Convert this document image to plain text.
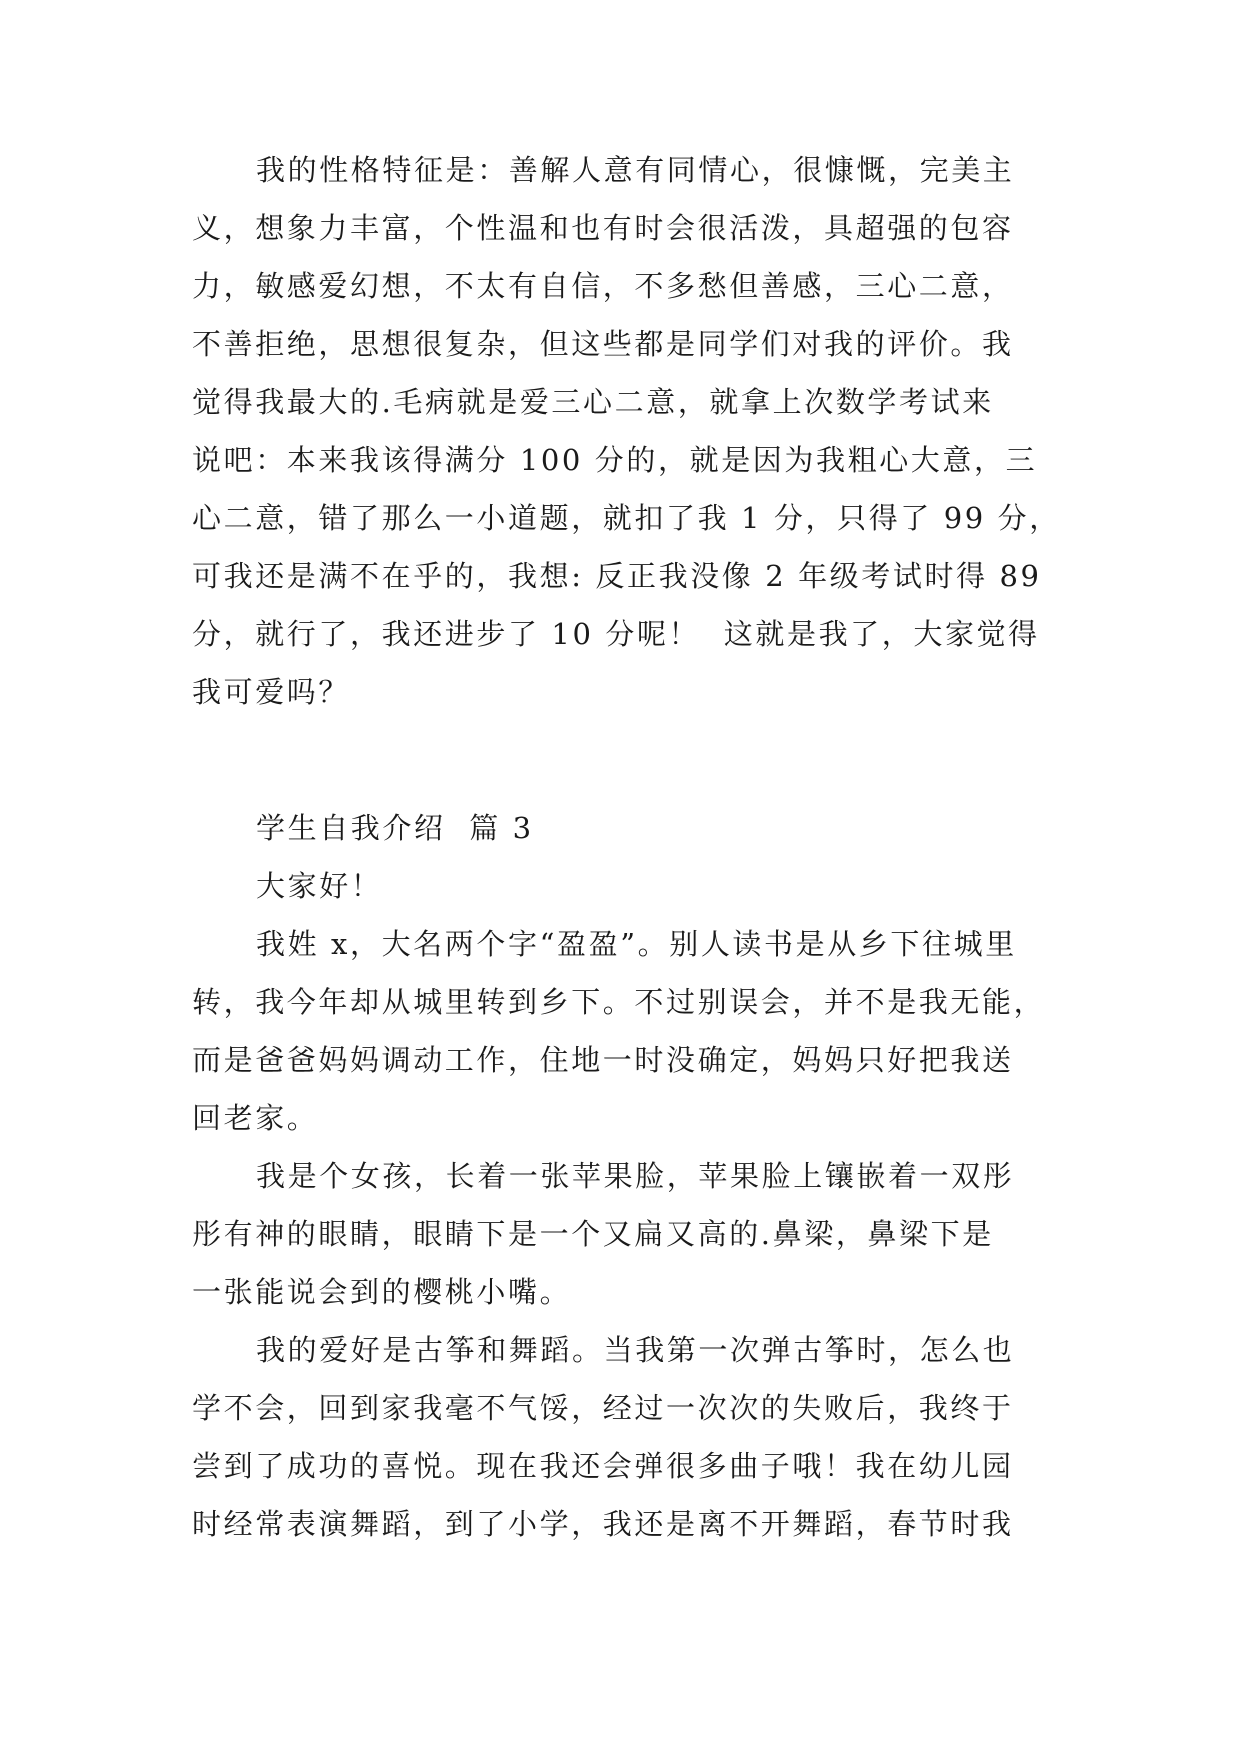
我的性格特征是：善解人意有同情心，很慷慨，完美主
义，想象力丰富，个性温和也有时会很活泼，具超强的包容
力，敏感爱幻想，不太有自信，不多愁但善感，三心二意，
不善拒绝，思想很复杂，但这些都是同学们对我的评价。我
觉得我最大的.毛病就是爱三心二意，就拿上次数学考试来
说吧：本来我该得满分 100 分的，就是因为我粗心大意，三
心二意，错了那么一小道题，就扣了我 1 分，只得了 99 分，
可我还是满不在乎的，我想: 反正我没像 2 年级考试时得 89
分，就行了，我还进步了 10 分呢！  这就是我了，大家觉得
我可爱吗？
学生自我介绍  篇 3
大家好！
我姓 x，大名两个字“盈盈”。别人读书是从乡下往城里
转，我今年却从城里转到乡下。不过别误会，并不是我无能，
而是爸爸妈妈调动工作，住地一时没确定，妈妈只好把我送
回老家。
我是个女孩，长着一张苹果脸，苹果脸上镶嵌着一双彤
彤有神的眼睛，眼睛下是一个又扁又高的.鼻梁，鼻梁下是
一张能说会到的樱桃小嘴。
我的爱好是古筝和舞蹈。当我第一次弹古筝时，怎么也
学不会，回到家我毫不气馁，经过一次次的失败后，我终于
尝到了成功的喜悦。现在我还会弹很多曲子哦！我在幼儿园
时经常表演舞蹈，到了小学，我还是离不开舞蹈，春节时我
